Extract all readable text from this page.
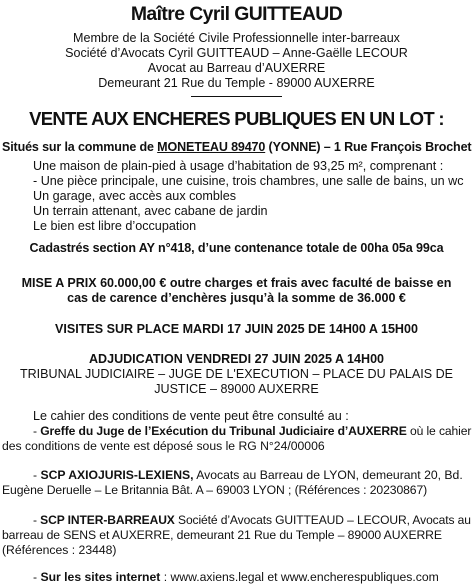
Maître Cyril GUITTEAUD
Membre de la Société Civile Professionnelle inter-barreaux
Société d’Avocats Cyril GUITTEAUD – Anne-Gaëlle LECOUR
Avocat au Barreau d’AUXERRE
Demeurant 21 Rue du Temple - 89000 AUXERRE
VENTE AUX ENCHERES PUBLIQUES EN UN LOT :
Situés sur la commune de MONETEAU 89470 (YONNE) – 1 Rue François Brochet
Une maison de plain-pied à usage d’habitation de 93,25 m², comprenant :
- Une pièce principale, une cuisine, trois chambres, une salle de bains, un wc
Un garage, avec accès aux combles
Un terrain attenant, avec cabane de jardin
Le bien est libre d’occupation
Cadastrés section AY n°418, d’une contenance totale de 00ha 05a 99ca
MISE A PRIX 60.000,00 € outre charges et frais avec faculté de baisse en
cas de carence d’enchères jusqu’à la somme de 36.000 €
VISITES SUR PLACE MARDI 17 JUIN 2025 DE 14H00 A 15H00
ADJUDICATION VENDREDI 27 JUIN 2025 A 14H00
TRIBUNAL JUDICIAIRE – JUGE DE L'EXECUTION – PLACE DU PALAIS DE
JUSTICE – 89000 AUXERRE
Le cahier des conditions de vente peut être consulté au :
- Greffe du Juge de l’Exécution du Tribunal Judiciaire d’AUXERRE où le cahier
des conditions de vente est déposé sous le RG N°24/00006
- SCP AXIOJURIS-LEXIENS, Avocats au Barreau de LYON, demeurant 20, Bd.
Eugène Deruelle – Le Britannia Bât. A – 69003 LYON ; (Références : 20230867)
- SCP INTER-BARREAUX Société d’Avocats GUITTEAUD – LECOUR, Avocats au
barreau de SENS et AUXERRE, demeurant 21 Rue du Temple – 89000 AUXERRE
(Références : 23448)
- Sur les sites internet : www.axiens.legal et www.encherespubliques.com
